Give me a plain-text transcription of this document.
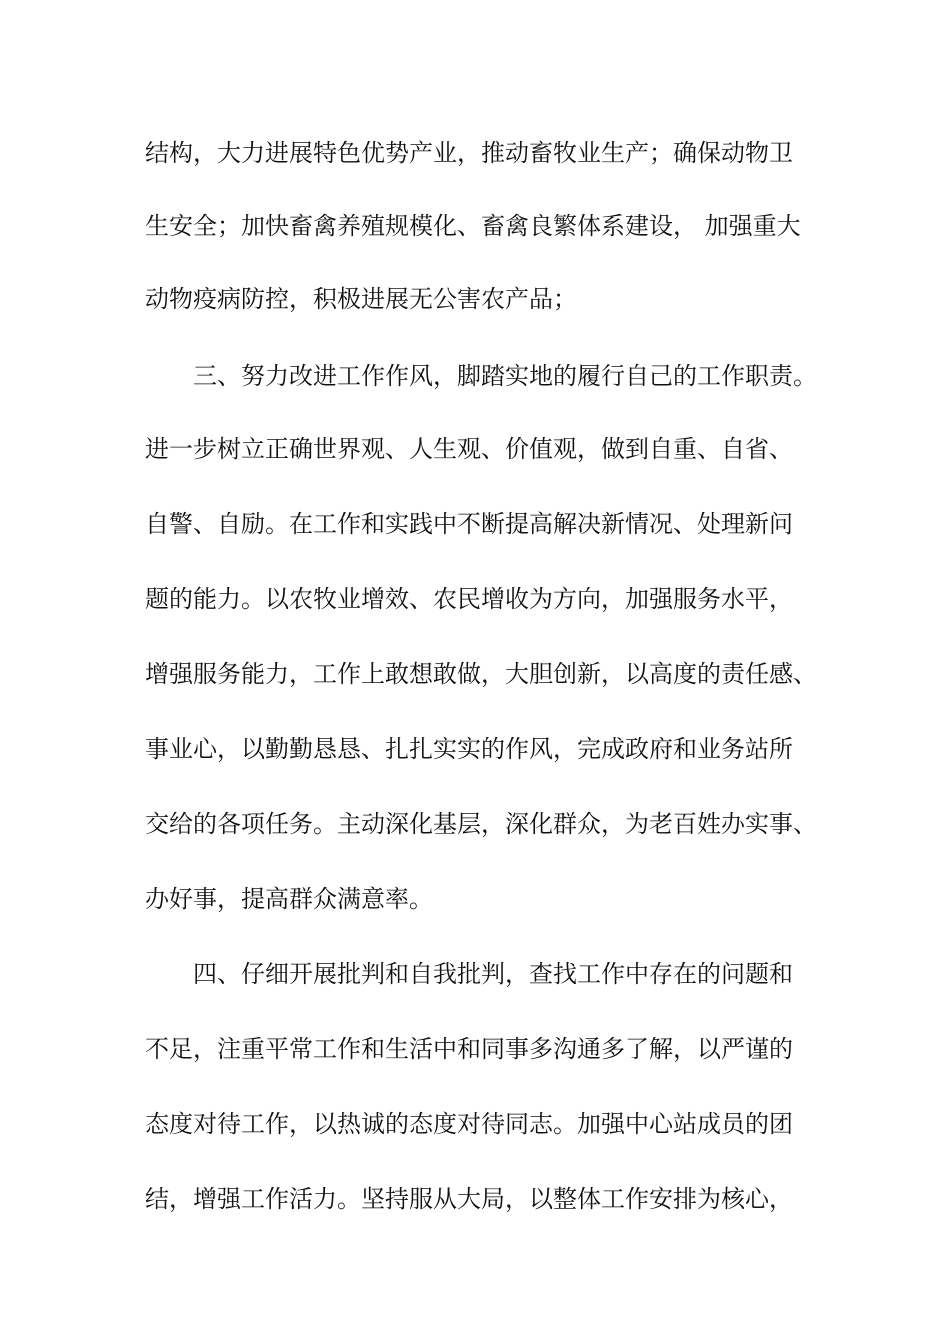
结构，大力进展特色优势产业，推动畜牧业生产；确保动物卫
生安全；加快畜禽养殖规模化、畜禽良繁体系建设， 加强重大
动物疫病防控，积极进展无公害农产品；
三、努力改进工作作风，脚踏实地的履行自己的工作职责。
进一步树立正确世界观、人生观、价值观，做到自重、自省、
自警、自励。在工作和实践中不断提高解决新情况、处理新问
题的能力。以农牧业增效、农民增收为方向，加强服务水平，
增强服务能力，工作上敢想敢做，大胆创新，以高度的责任感、
事业心，以勤勤恳恳、扎扎实实的作风，完成政府和业务站所
交给的各项任务。主动深化基层，深化群众，为老百姓办实事、
办好事，提高群众满意率。
四、仔细开展批判和自我批判，查找工作中存在的问题和
不足，注重平常工作和生活中和同事多沟通多了解，以严谨的
态度对待工作，以热诚的态度对待同志。加强中心站成员的团
结，增强工作活力。坚持服从大局，以整体工作安排为核心，
